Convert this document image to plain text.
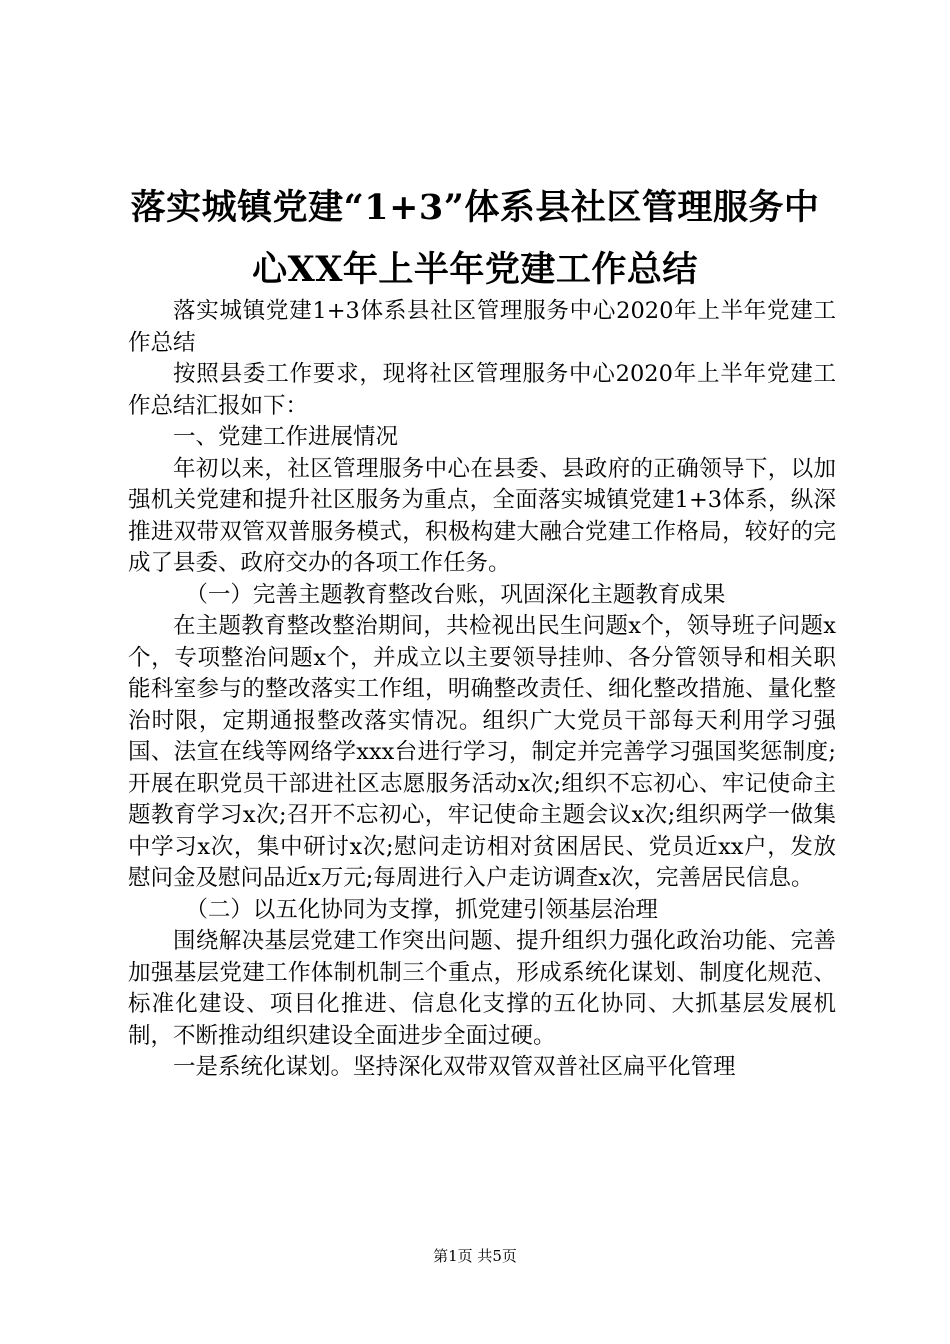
落实城镇党建“1+3”体系县社区管理服务中
心XX年上半年党建工作总结

落实城镇党建1+3体系县社区管理服务中心2020年上半年党建工作总结

按照县委工作要求，现将社区管理服务中心2020年上半年党建工作总结汇报如下：

一、党建工作进展情况

年初以来，社区管理服务中心在县委、县政府的正确领导下，以加强机关党建和提升社区服务为重点，全面落实城镇党建1+3体系，纵深推进双带双管双普服务模式，积极构建大融合党建工作格局，较好的完成了县委、政府交办的各项工作任务。

（一）完善主题教育整改台账，巩固深化主题教育成果

在主题教育整改整治期间，共检视出民生问题x个，领导班子问题x个，专项整治问题x个，并成立以主要领导挂帅、各分管领导和相关职能科室参与的整改落实工作组，明确整改责任、细化整改措施、量化整治时限，定期通报整改落实情况。组织广大党员干部每天利用学习强国、法宣在线等网络学xxx台进行学习，制定并完善学习强国奖惩制度;开展在职党员干部进社区志愿服务活动x次;组织不忘初心、牢记使命主题教育学习x次;召开不忘初心，牢记使命主题会议x次;组织两学一做集中学习x次，集中研讨x次;慰问走访相对贫困居民、党员近xx户，发放慰问金及慰问品近x万元;每周进行入户走访调查x次，完善居民信息。

（二）以五化协同为支撑，抓党建引领基层治理

围绕解决基层党建工作突出问题、提升组织力强化政治功能、完善加强基层党建工作体制机制三个重点，形成系统化谋划、制度化规范、标准化建设、项目化推进、信息化支撑的五化协同、大抓基层发展机制，不断推动组织建设全面进步全面过硬。

一是系统化谋划。坚持深化双带双管双普社区扁平化管理

第1页 共5页
